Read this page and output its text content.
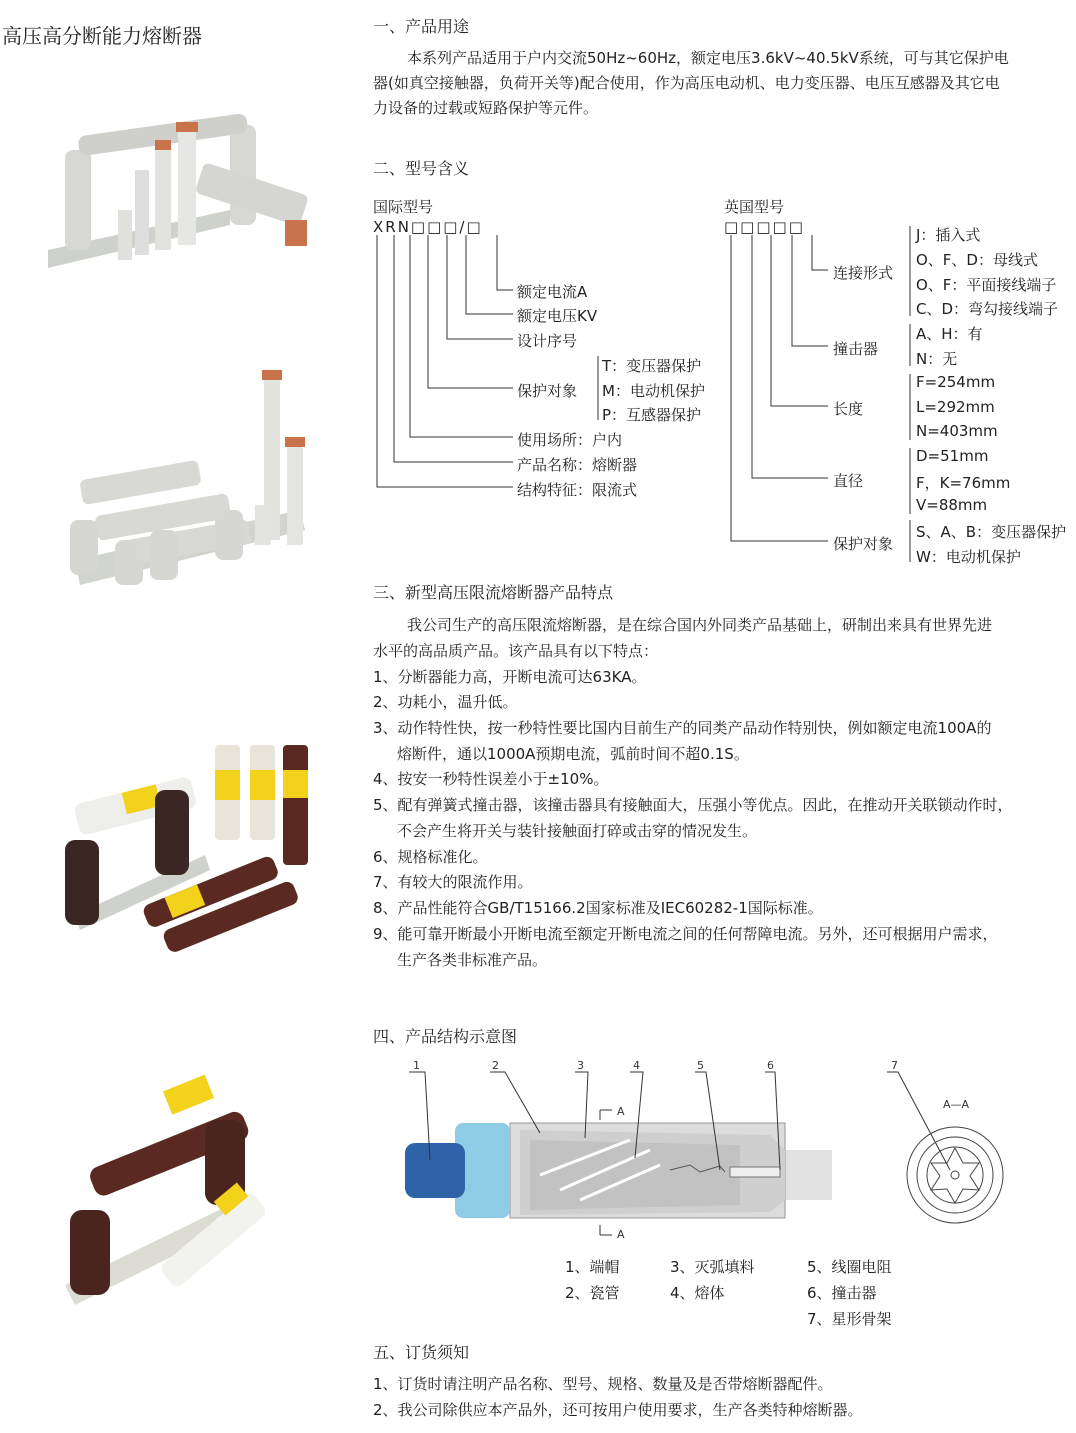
高压高分断能力熔断器	一、产品用途
本系列产品适用于户内交流50Hz~60Hz，额定电压3.6kV~40.5kV系统，可与其它保护电
器(如真空接触器，负荷开关等)配合使用，作为高压电动机、电力变压器、电压互感器及其它电
力设备的过载或短路保护等元件。
二、型号含义
国际型号
XRN□□□/□
额定电流A
额定电压KV
设计序号
保护对象
T：变压器保护
M：电动机保护
P：互感器保护
使用场所：户内
产品名称：熔断器
结构特征：限流式
英国型号
□□□□□
连接形式
J：插入式
O、F、D：母线式
O、F：平面接线端子
C、D：弯勾接线端子
撞击器
A、H：有
N：无
长度
F=254mm
L=292mm
N=403mm
直径
D=51mm
F，K=76mm
V=88mm
保护对象
S、A、B：变压器保护
W：电动机保护
三、新型高压限流熔断器产品特点
我公司生产的高压限流熔断器，是在综合国内外同类产品基础上，研制出来具有世界先进
水平的高品质产品。该产品具有以下特点：
1、分断器能力高，开断电流可达63KA。
2、功耗小，温升低。
3、动作特性快，按一秒特性要比国内目前生产的同类产品动作特别快，例如额定电流100A的
熔断件，通以1000A预期电流，弧前时间不超0.1S。
4、按安一秒特性误差小于±10%。
5、配有弹簧式撞击器，该撞击器具有接触面大，压强小等优点。因此，在推动开关联锁动作时，
不会产生将开关与装针接触面打碎或击穿的情况发生。
6、规格标准化。
7、有较大的限流作用。
8、产品性能符合GB/T15166.2国家标准及IEC60282-1国际标准。
9、能可靠开断最小开断电流至额定开断电流之间的任何帮障电流。另外，还可根据用户需求，
生产各类非标准产品。
四、产品结构示意图
1	2	3	4	5	6	7
A
A
A—A
1、端帽
2、瓷管
3、灭弧填料
4、熔体
5、线圈电阻
6、撞击器
7、星形骨架
五、订货须知
1、订货时请注明产品名称、型号、规格、数量及是否带熔断器配件。
2、我公司除供应本产品外，还可按用户使用要求，生产各类特种熔断器。
